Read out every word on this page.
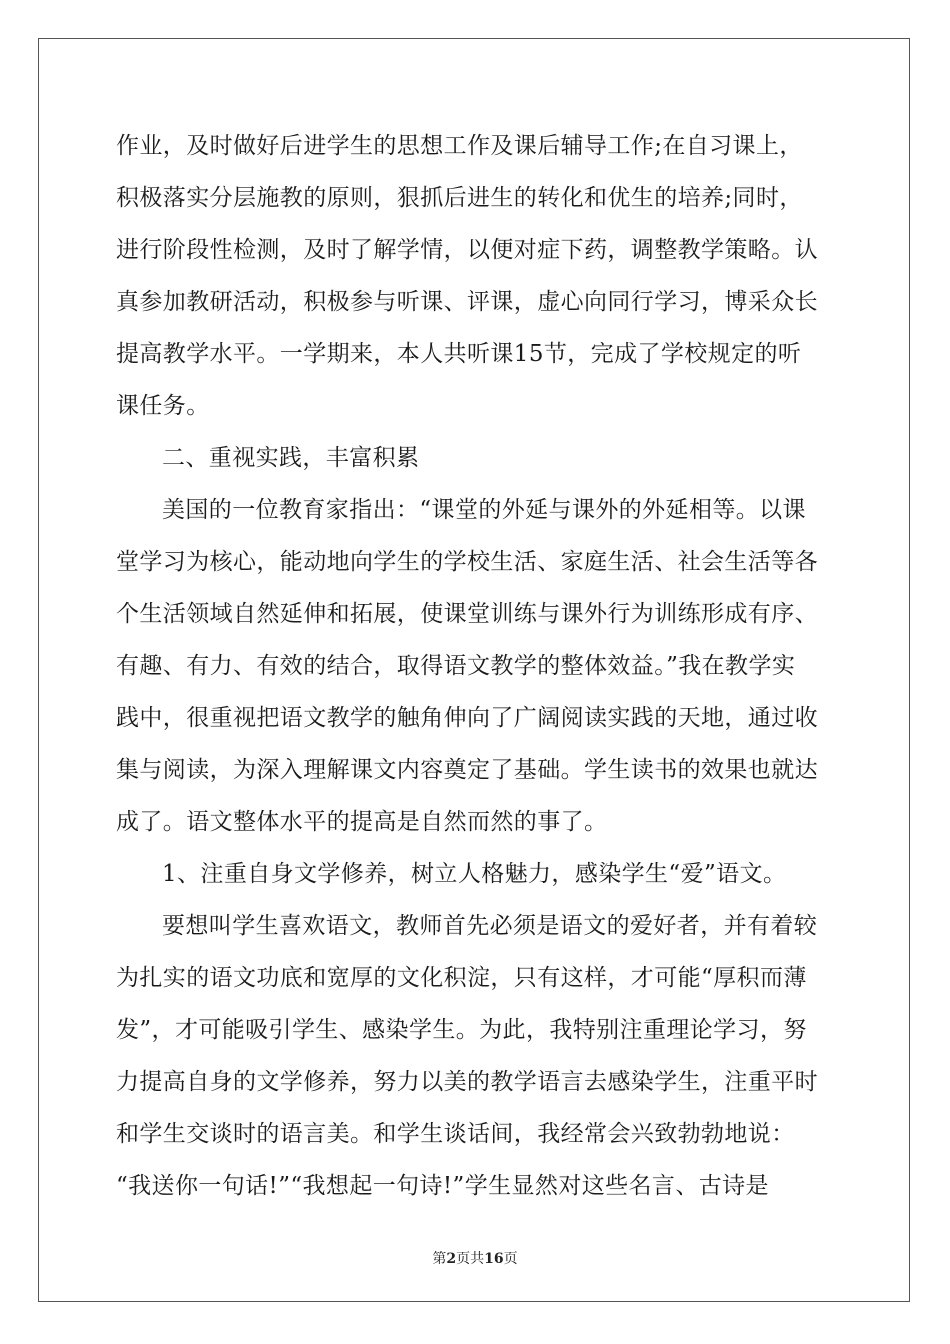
作业，及时做好后进学生的思想工作及课后辅导工作;在自习课上，
积极落实分层施教的原则，狠抓后进生的转化和优生的培养;同时，
进行阶段性检测，及时了解学情，以便对症下药，调整教学策略。认
真参加教研活动，积极参与听课、评课，虚心向同行学习，博采众长
提高教学水平。一学期来，本人共听课15节，完成了学校规定的听
课任务。
二、重视实践，丰富积累
美国的一位教育家指出：“课堂的外延与课外的外延相等。以课
堂学习为核心，能动地向学生的学校生活、家庭生活、社会生活等各
个生活领域自然延伸和拓展，使课堂训练与课外行为训练形成有序、
有趣、有力、有效的结合，取得语文教学的整体效益。”我在教学实
践中，很重视把语文教学的触角伸向了广阔阅读实践的天地，通过收
集与阅读，为深入理解课文内容奠定了基础。学生读书的效果也就达
成了。语文整体水平的提高是自然而然的事了。
1、注重自身文学修养，树立人格魅力，感染学生“爱”语文。
要想叫学生喜欢语文，教师首先必须是语文的爱好者，并有着较
为扎实的语文功底和宽厚的文化积淀，只有这样，才可能“厚积而薄
发”，才可能吸引学生、感染学生。为此，我特别注重理论学习，努
力提高自身的文学修养，努力以美的教学语言去感染学生，注重平时
和学生交谈时的语言美。和学生谈话间，我经常会兴致勃勃地说：
“我送你一句话!”“我想起一句诗!”学生显然对这些名言、古诗是
第2页共16页
